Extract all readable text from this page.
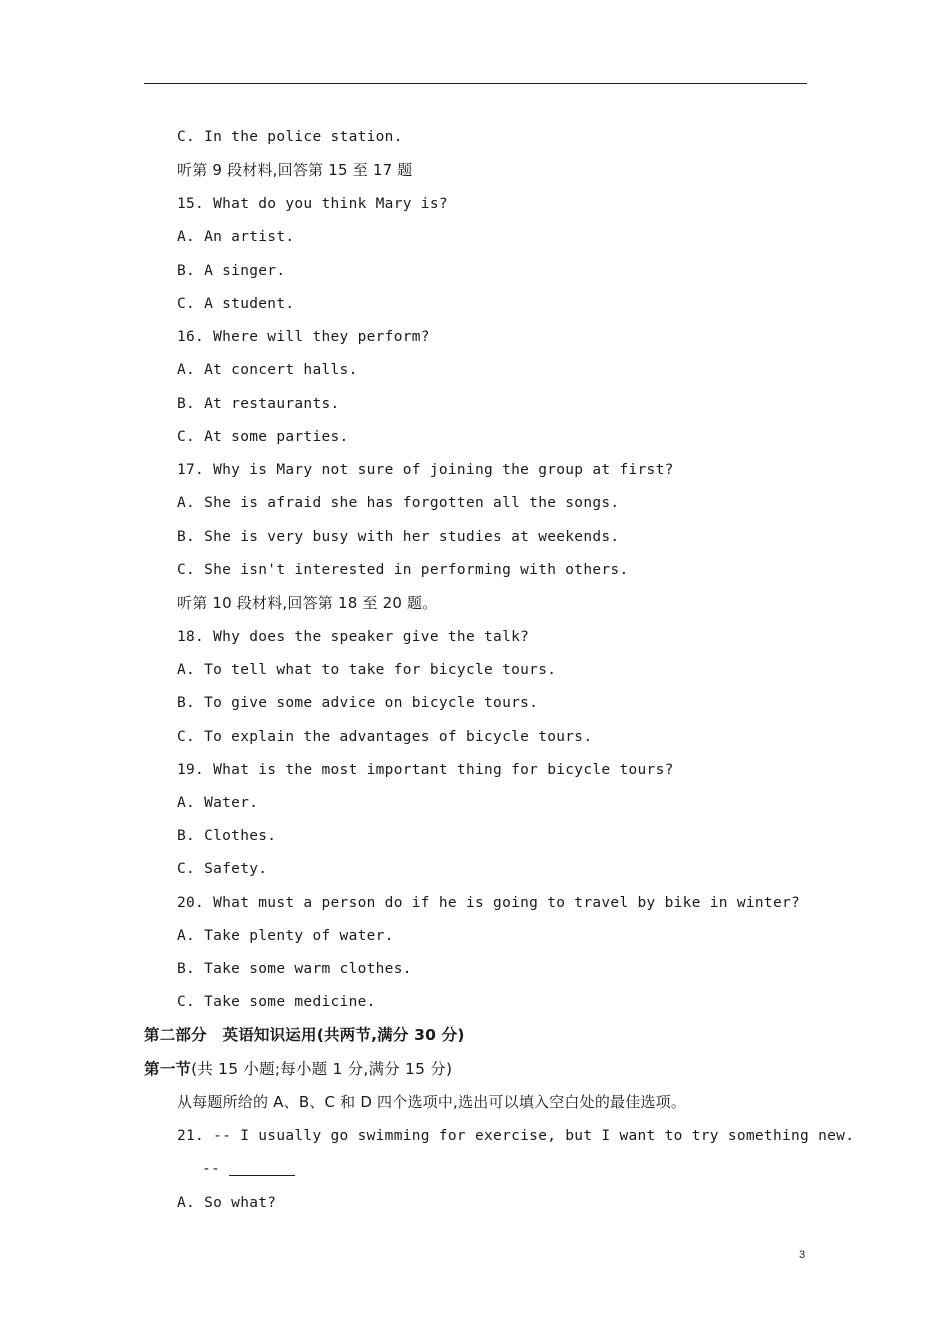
C. In the police station.
听第 9 段材料,回答第 15 至 17 题
15. What do you think Mary is?
A. An artist.
B. A singer.
C. A student.
16. Where will they perform?
A. At concert halls.
B. At restaurants.
C. At some parties.
17. Why is Mary not sure of joining the group at first?
A. She is afraid she has forgotten all the songs.
B. She is very busy with her studies at weekends.
C. She isn't interested in performing with others.
听第 10 段材料,回答第 18 至 20 题。
18. Why does the speaker give the talk?
A. To tell what to take for bicycle tours.
B. To give some advice on bicycle tours.
C. To explain the advantages of bicycle tours.
19. What is the most important thing for bicycle tours?
A. Water.
B. Clothes.
C. Safety.
20. What must a person do if he is going to travel by bike in winter?
A. Take plenty of water.
B. Take some warm clothes.
C. Take some medicine.
第二部分　英语知识运用(共两节,满分 30 分)
第一节(共 15 小题;每小题 1 分,满分 15 分)
从每题所给的 A、B、C 和 D 四个选项中,选出可以填入空白处的最佳选项。
21. -- I usually go swimming for exercise, but I want to try something new.
--
A. So what?
3
